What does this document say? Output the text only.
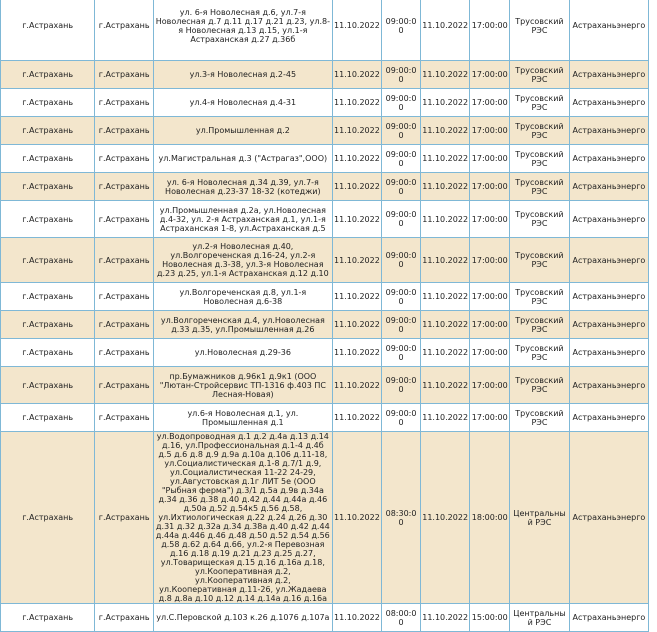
г.Астрахань	г.Астрахань	ул. 6-я Новолесная д.6, ул.7-я Новолесная д.7 д.11 д.17 д.21 д.23, ул.8-я Новолесная д.13 д.15, ул.1-я Астраханская д.27 д.36б	11.10.2022	09:00:00	11.10.2022	17:00:00	Трусовский РЭС	Астраханьэнерго
г.Астрахань	г.Астрахань	ул.3-я Новолесная д.2-45	11.10.2022	09:00:00	11.10.2022	17:00:00	Трусовский РЭС	Астраханьэнерго
г.Астрахань	г.Астрахань	ул.4-я Новолесная д.4-31	11.10.2022	09:00:00	11.10.2022	17:00:00	Трусовский РЭС	Астраханьэнерго
г.Астрахань	г.Астрахань	ул.Промышленная д.2	11.10.2022	09:00:00	11.10.2022	17:00:00	Трусовский РЭС	Астраханьэнерго
г.Астрахань	г.Астрахань	ул.Магистральная д.3 ("Астрагаз",ООО)	11.10.2022	09:00:00	11.10.2022	17:00:00	Трусовский РЭС	Астраханьэнерго
г.Астрахань	г.Астрахань	ул. 6-я Новолесная д.34 д.39, ул.7-я Новолесная д.23-37 18-32 (котеджи)	11.10.2022	09:00:00	11.10.2022	17:00:00	Трусовский РЭС	Астраханьэнерго
г.Астрахань	г.Астрахань	ул.Промышленная д.2а, ул.Новолесная д.4-32, ул. 2-я Астраханская д.1, ул.1-я Астраханская 1-8, ул.Астраханская д.5	11.10.2022	09:00:00	11.10.2022	17:00:00	Трусовский РЭС	Астраханьэнерго
г.Астрахань	г.Астрахань	ул.2-я Новолесная д.40, ул.Волгореченская д.16-24, ул.2-я Новолесная д.3-38, ул.3-я Новолесная д.23 д.25, ул.1-я Астраханская д.12 д.10	11.10.2022	09:00:00	11.10.2022	17:00:00	Трусовский РЭС	Астраханьэнерго
г.Астрахань	г.Астрахань	ул.Волгореченская д.8, ул.1-я Новолесная д.6-38	11.10.2022	09:00:00	11.10.2022	17:00:00	Трусовский РЭС	Астраханьэнерго
г.Астрахань	г.Астрахань	ул.Волгореченская д.4, ул.Новолесная д.33 д.35, ул.Промышленная д.26	11.10.2022	09:00:00	11.10.2022	17:00:00	Трусовский РЭС	Астраханьэнерго
г.Астрахань	г.Астрахань	ул.Новолесная д.29-36	11.10.2022	09:00:00	11.10.2022	17:00:00	Трусовский РЭС	Астраханьэнерго
г.Астрахань	г.Астрахань	пр.Бумажников д.96к1 д.9к1 (ООО "Лютан-Стройсервис ТП-1316 ф.403 ПС Лесная-Новая)	11.10.2022	09:00:00	11.10.2022	17:00:00	Трусовский РЭС	Астраханьэнерго
г.Астрахань	г.Астрахань	ул.6-я Новолесная д.1, ул. Промышленная д.1	11.10.2022	09:00:00	11.10.2022	17:00:00	Трусовский РЭС	Астраханьэнерго
г.Астрахань	г.Астрахань	ул.Водопроводная д.1 д.2 д.4а д.13 д.14 д.16, ул.Профессиональная д.1-4 д.4б д.5 д.6 д.8 д.9 д.9а д.10а д.106 д.11-18, ул.Социалистическая д.1-8 д.7/1 д.9, ул.Социалистическая 11-22 24-29, ул.Августовская д.1г ЛИТ 5е (ООО "Рыбная ферма") д.3/1 д.5а д.9в д.34а д.34 д.36 д.38 д.40 д.42 д.44 д.44а д.46 д.50а д.52 д.54к5 д.56 д.58, ул.Ихтиологическая д.22 д.24 д.26 д.30 д.31 д.32 д.32а д.34 д.38а д.40 д.42 д.44 д.44а д.446 д.46 д.48 д.50 д.52 д.54 д.56 д.58 д.62 д.64 д.66, ул.2-я Перевозная д.16 д.18 д.19 д.21 д.23 д.25 д.27, ул.Товарищеская д.15 д.16 д.16а д.18, ул.Кооперативная д.2, ул.Кооперативная д.2, ул.Кооперативная д.11-26, ул.Жадаева д.8 д.8а д.10 д.12 д.14 д.14а д.16 д.16а	11.10.2022	08:30:00	11.10.2022	18:00:00	Центральный РЭС	Астраханьэнерго
г.Астрахань	г.Астрахань	ул.С.Перовской д.103 к.26 д.1076 д.107а	11.10.2022	08:00:00	11.10.2022	15:00:00	Центральный РЭС	Астраханьэнерго
